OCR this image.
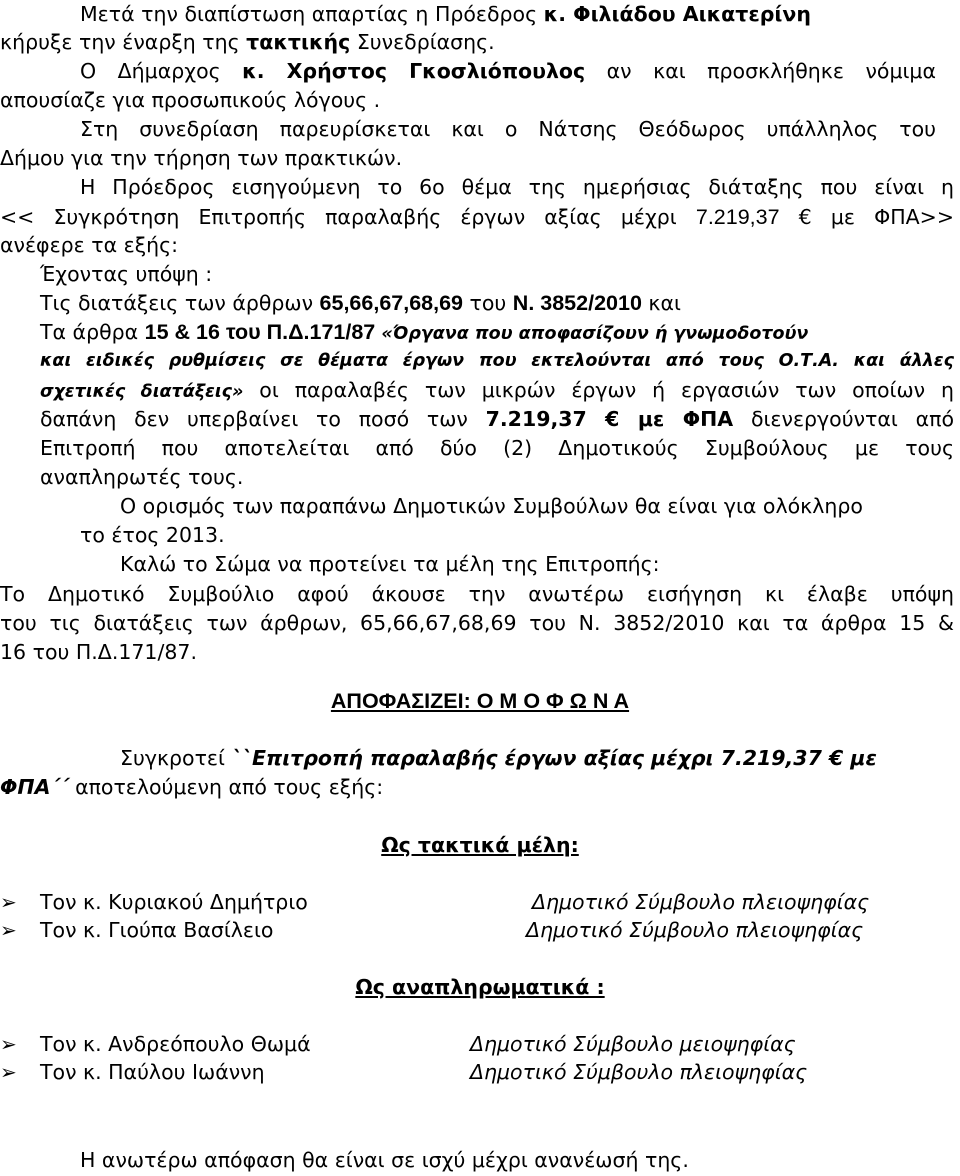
Μετά την διαπίστωση απαρτίας η Πρόεδρος κ. Φιλιάδου Αικατερίνη
κήρυξε την έναρξη της τακτικής Συνεδρίασης.
Ο Δήμαρχος κ. Χρήστος Γκοσλιόπουλος αν και προσκλήθηκε νόμιμα
απουσίαζε για προσωπικούς λόγους .
Στη συνεδρίαση παρευρίσκεται και ο Νάτσης Θεόδωρος υπάλληλος του
Δήμου για την τήρηση των πρακτικών.
Η Πρόεδρος εισηγούμενη το 6ο θέμα της ημερήσιας διάταξης που είναι η
<< Συγκρότηση Επιτροπής παραλαβής έργων αξίας μέχρι 7.219,37 € με ΦΠΑ>>
ανέφερε τα εξής:
Έχοντας υπόψη :
Τις διατάξεις των άρθρων 65,66,67,68,69 του Ν. 3852/2010 και
Τα άρθρα 15 & 16 του Π.Δ.171/87 «Όργανα που αποφασίζουν ή γνωμοδοτούν
και ειδικές ρυθμίσεις σε θέματα έργων που εκτελούνται από τους Ο.Τ.Α. και άλλες
σχετικές διατάξεις» οι παραλαβές των μικρών έργων ή εργασιών των οποίων η
δαπάνη δεν υπερβαίνει το ποσό των 7.219,37 € με ΦΠΑ διενεργούνται από
Επιτροπή που αποτελείται από δύο (2) Δημοτικούς Συμβούλους με τους
αναπληρωτές τους.
Ο ορισμός των παραπάνω Δημοτικών Συμβούλων θα είναι για ολόκληρο
το έτος 2013.
Καλώ το Σώμα να προτείνει τα μέλη της Επιτροπής:
Το Δημοτικό Συμβούλιο αφού άκουσε την ανωτέρω εισήγηση κι έλαβε υπόψη
του τις διατάξεις των άρθρων, 65,66,67,68,69 του Ν. 3852/2010 και τα άρθρα 15 &
16 του Π.Δ.171/87.
ΑΠΟΦΑΣΙΖΕΙ: Ο Μ Ο Φ Ω Ν Α
Συγκροτεί ``Επιτροπή παραλαβής έργων αξίας μέχρι 7.219,37 € με
ΦΠΑ΄΄ αποτελούμενη από τους εξής:
Ως τακτικά μέλη:
➢ Τον κ. Κυριακού Δημήτριο	Δημοτικό Σύμβουλο πλειοψηφίας
➢ Τον κ. Γιούπα Βασίλειο	Δημοτικό Σύμβουλο πλειοψηφίας
Ως αναπληρωματικά :
➢ Τον κ. Ανδρεόπουλο Θωμά	Δημοτικό Σύμβουλο μειοψηφίας
➢ Τον κ. Παύλου Ιωάννη	Δημοτικό Σύμβουλο πλειοψηφίας
Η ανωτέρω απόφαση θα είναι σε ισχύ μέχρι ανανέωσή της.
